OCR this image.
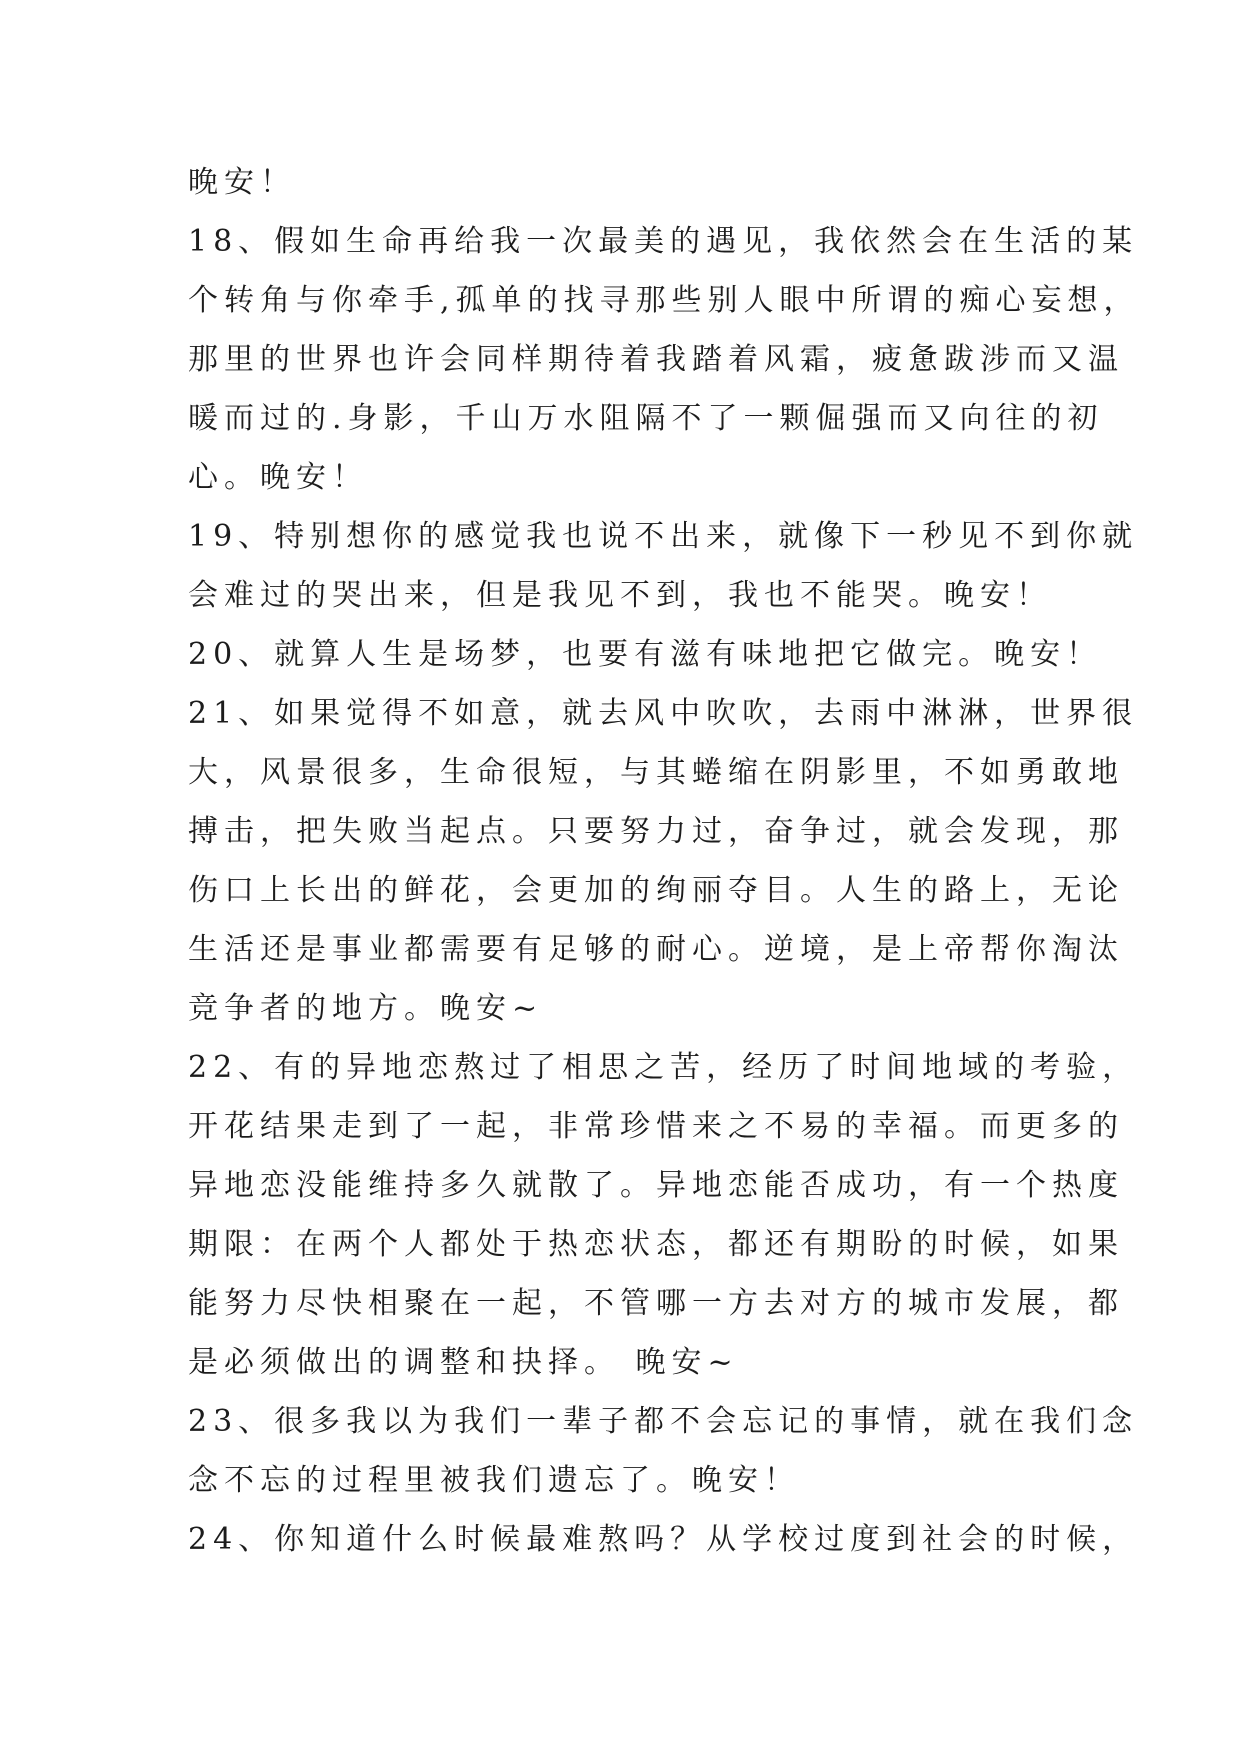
晚安！
18、假如生命再给我一次最美的遇见，我依然会在生活的某
个转角与你牵手,孤单的找寻那些别人眼中所谓的痴心妄想，
那里的世界也许会同样期待着我踏着风霜，疲惫跋涉而又温
暖而过的.身影，千山万水阻隔不了一颗倔强而又向往的初
心。晚安！
19、特别想你的感觉我也说不出来，就像下一秒见不到你就
会难过的哭出来，但是我见不到，我也不能哭。晚安！
20、就算人生是场梦，也要有滋有味地把它做完。晚安！
21、如果觉得不如意，就去风中吹吹，去雨中淋淋，世界很
大，风景很多，生命很短，与其蜷缩在阴影里，不如勇敢地
搏击，把失败当起点。只要努力过，奋争过，就会发现，那
伤口上长出的鲜花，会更加的绚丽夺目。人生的路上，无论
生活还是事业都需要有足够的耐心。逆境，是上帝帮你淘汰
竞争者的地方。晚安~
22、有的异地恋熬过了相思之苦，经历了时间地域的考验，
开花结果走到了一起，非常珍惜来之不易的幸福。而更多的
异地恋没能维持多久就散了。异地恋能否成功，有一个热度
期限：在两个人都处于热恋状态，都还有期盼的时候，如果
能努力尽快相聚在一起，不管哪一方去对方的城市发展，都
是必须做出的调整和抉择。 晚安~
23、很多我以为我们一辈子都不会忘记的事情，就在我们念
念不忘的过程里被我们遗忘了。晚安！
24、你知道什么时候最难熬吗？从学校过度到社会的时候，
